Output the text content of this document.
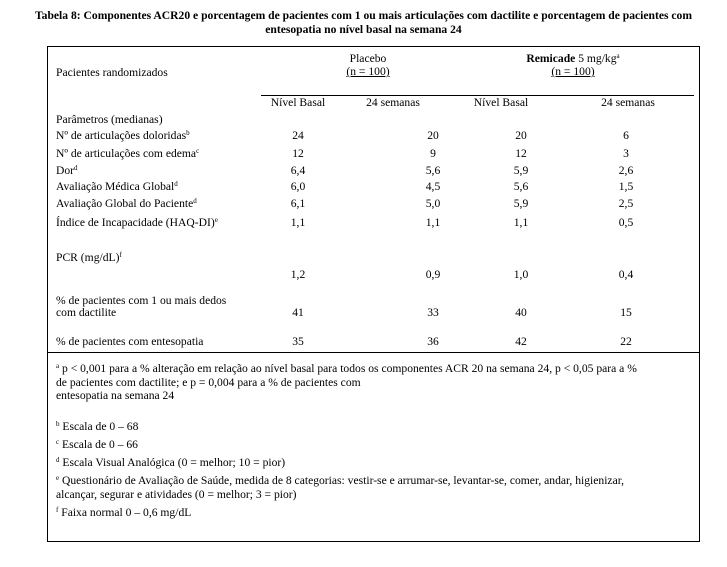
Tabela 8: Componentes ACR20 e porcentagem de pacientes com 1 ou mais articulações com dactilite e porcentagem de pacientes com
entesopatia no nível basal na semana 24
Pacientes randomizados
Placebo
(n = 100)
Remicade 5 $mg/kg^a$
(n = 100)
Nível Basal	24 semanas	Nível Basal	24 semanas
Parâmetros (medianas)
Nº de articulações doloridas$^b$	24	20	20	6
Nº de articulações com edema$^c$	12	9	12	3
Dor$^d$	6,4	5,6	5,9	2,6
Avaliação Médica Global$^d$	6,0	4,5	5,6	1,5
Avaliação Global do Paciente$^d$	6,1	5,0	5,9	2,5
Índice de Incapacidade $(HAQ-DI)^e$	1,1	1,1	1,1	0,5
PCR $(mg/dL)^f$
1,2	0,9	1,0	0,4
% de pacientes com 1 ou mais dedos
com dactilite	41	33	40	15
% de pacientes com entesopatia	35	36	42	22
$^a$ p < 0,001 para a % alteração em relação ao nível basal para todos os componentes ACR 20 na semana 24, p < 0,05 para a %
de pacientes com dactilite; e p = 0,004 para a % de pacientes com
entesopatia na semana 24
$^b$ Escala de 0 – 68
$^c$ Escala de 0 – 66
$^d$ Escala Visual Analógica (0 = melhor; 10 = pior)
$^e$ Questionário de Avaliação de Saúde, medida de 8 categorias: vestir-se e arrumar-se, levantar-se, comer, andar, higienizar,
alcançar, segurar e atividades (0 = melhor; 3 = pior)
$^f$ Faixa normal 0 – 0,6 mg/dL
